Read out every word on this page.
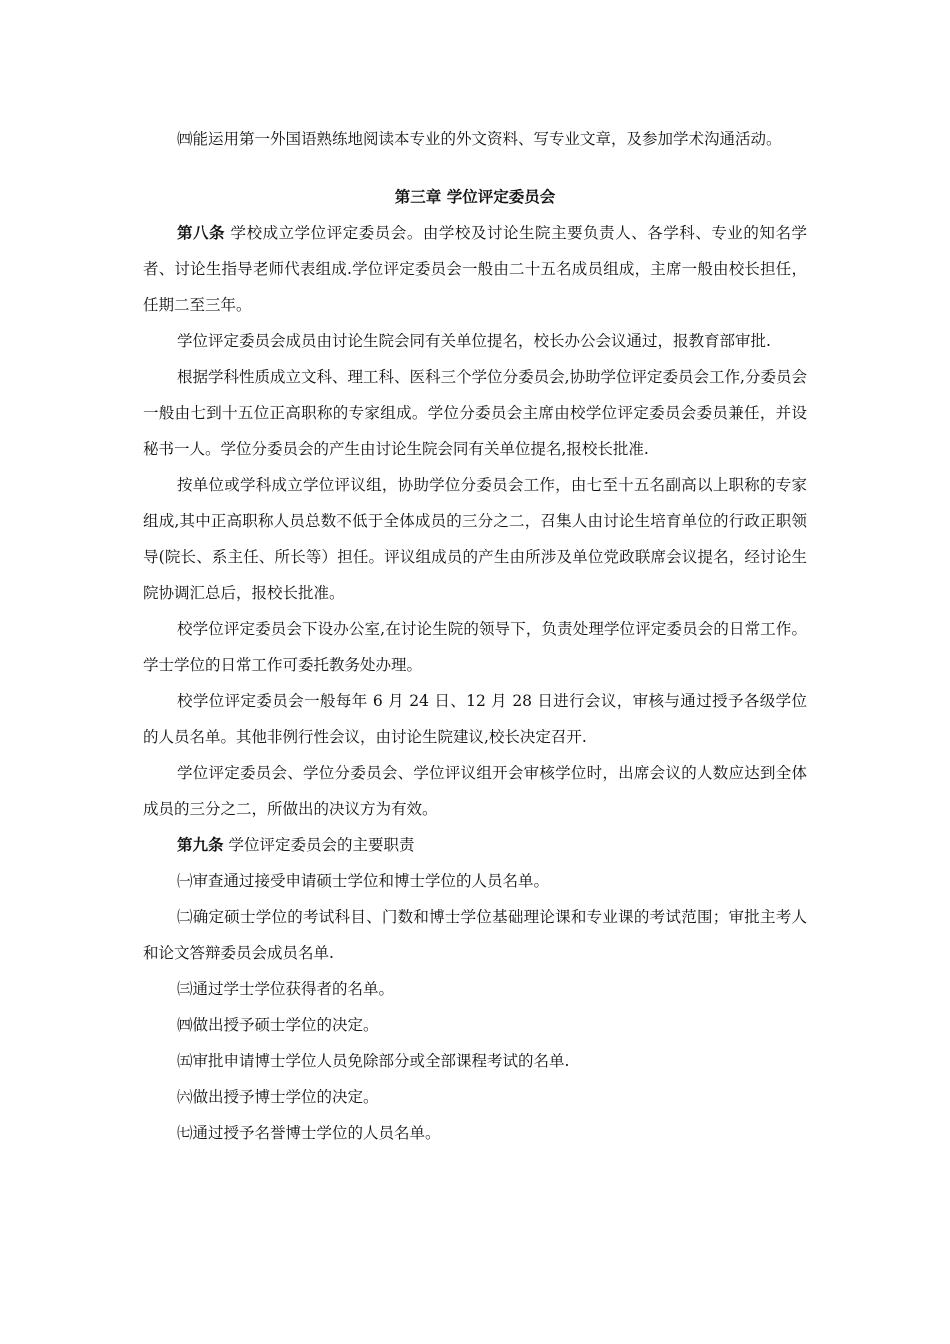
㈣能运用第一外国语熟练地阅读本专业的外文资料、写专业文章，及参加学术沟通活动。

第三章 学位评定委员会

第八条 学校成立学位评定委员会。由学校及讨论生院主要负责人、各学科、专业的知名学者、讨论生指导老师代表组成.学位评定委员会一般由二十五名成员组成，主席一般由校长担任，任期二至三年。

学位评定委员会成员由讨论生院会同有关单位提名，校长办公会议通过，报教育部审批.

根据学科性质成立文科、理工科、医科三个学位分委员会,协助学位评定委员会工作,分委员会一般由七到十五位正高职称的专家组成。学位分委员会主席由校学位评定委员会委员兼任，并设秘书一人。学位分委员会的产生由讨论生院会同有关单位提名,报校长批准.

按单位或学科成立学位评议组，协助学位分委员会工作，由七至十五名副高以上职称的专家组成,其中正高职称人员总数不低于全体成员的三分之二，召集人由讨论生培育单位的行政正职领导(院长、系主任、所长等）担任。评议组成员的产生由所涉及单位党政联席会议提名，经讨论生院协调汇总后，报校长批准。

校学位评定委员会下设办公室,在讨论生院的领导下，负责处理学位评定委员会的日常工作。学士学位的日常工作可委托教务处办理。

校学位评定委员会一般每年 6 月 24 日、12 月 28 日进行会议，审核与通过授予各级学位的人员名单。其他非例行性会议，由讨论生院建议,校长决定召开.

学位评定委员会、学位分委员会、学位评议组开会审核学位时，出席会议的人数应达到全体成员的三分之二，所做出的决议方为有效。

第九条 学位评定委员会的主要职责

㈠审查通过接受申请硕士学位和博士学位的人员名单。

㈡确定硕士学位的考试科目、门数和博士学位基础理论课和专业课的考试范围；审批主考人和论文答辩委员会成员名单.

㈢通过学士学位获得者的名单。

㈣做出授予硕士学位的决定。

㈤审批申请博士学位人员免除部分或全部课程考试的名单.

㈥做出授予博士学位的决定。

㈦通过授予名誉博士学位的人员名单。
